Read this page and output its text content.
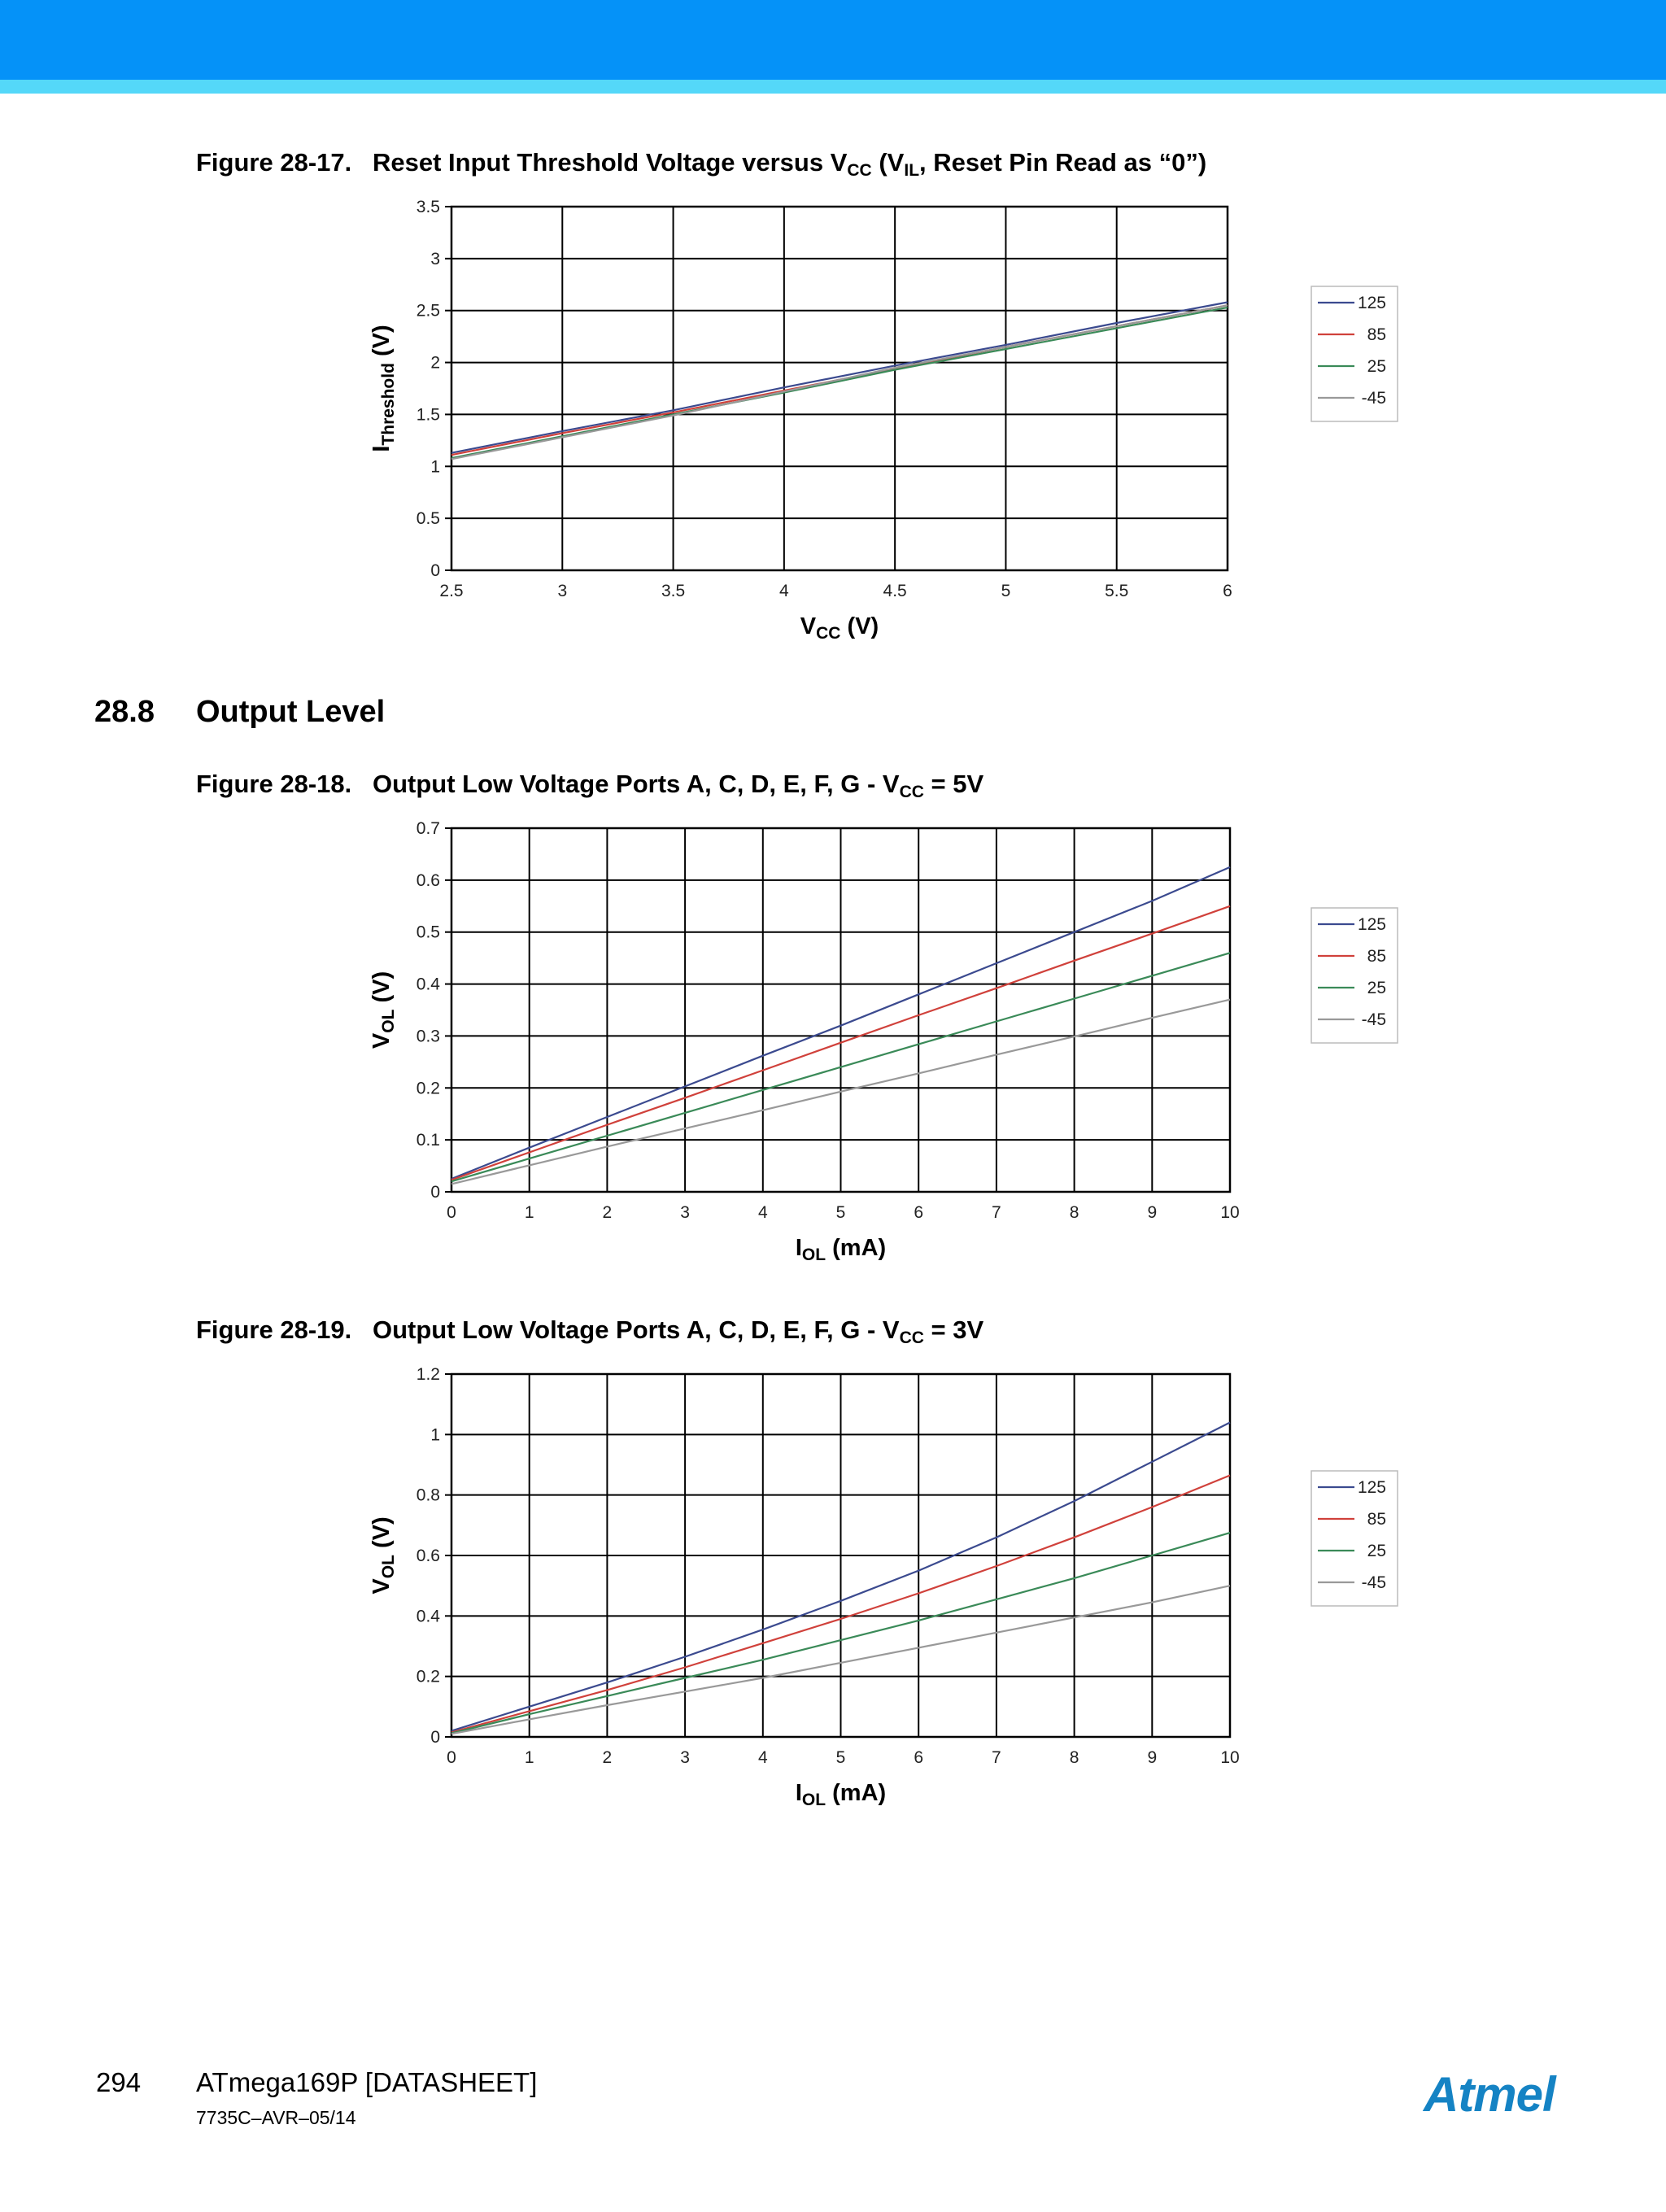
Figure 28-17. Reset Input Threshold Voltage versus $V_{CC}$ ($V_{IL}$, Reset Pin Read as “0”)
2.5	3	3.5	4	4.5	5	5.5	6
0
0.5
1
1.5
2
2.5
3
3.5
$V_{CC}$ (V)
$I_{Threshold}$ (V)
125
85
25
-45
28.8 Output Level
Figure 28-18. Output Low Voltage Ports A, C, D, E, F, $G - V_{CC} = 5V$
0	1	2	3	4	5	6	7	8	9	10
0
0.1
0.2
0.3
0.4
0.5
0.6
0.7
$I_{OL}$ (mA)
$V_{OL}$ (V)
125
85
25
-45
Figure 28-19. Output Low Voltage Ports A, C, D, E, F, $G - V_{CC} = 3V$
0	1	2	3	4	5	6	7	8	9	10
0
0.2
0.4
0.6
0.8
1
1.2
$I_{OL}$ (mA)
$V_{OL}$ (V)
125
85
25
-45
294 ATmega169P [DATASHEET]
7735C–AVR–05/14	Atmel
